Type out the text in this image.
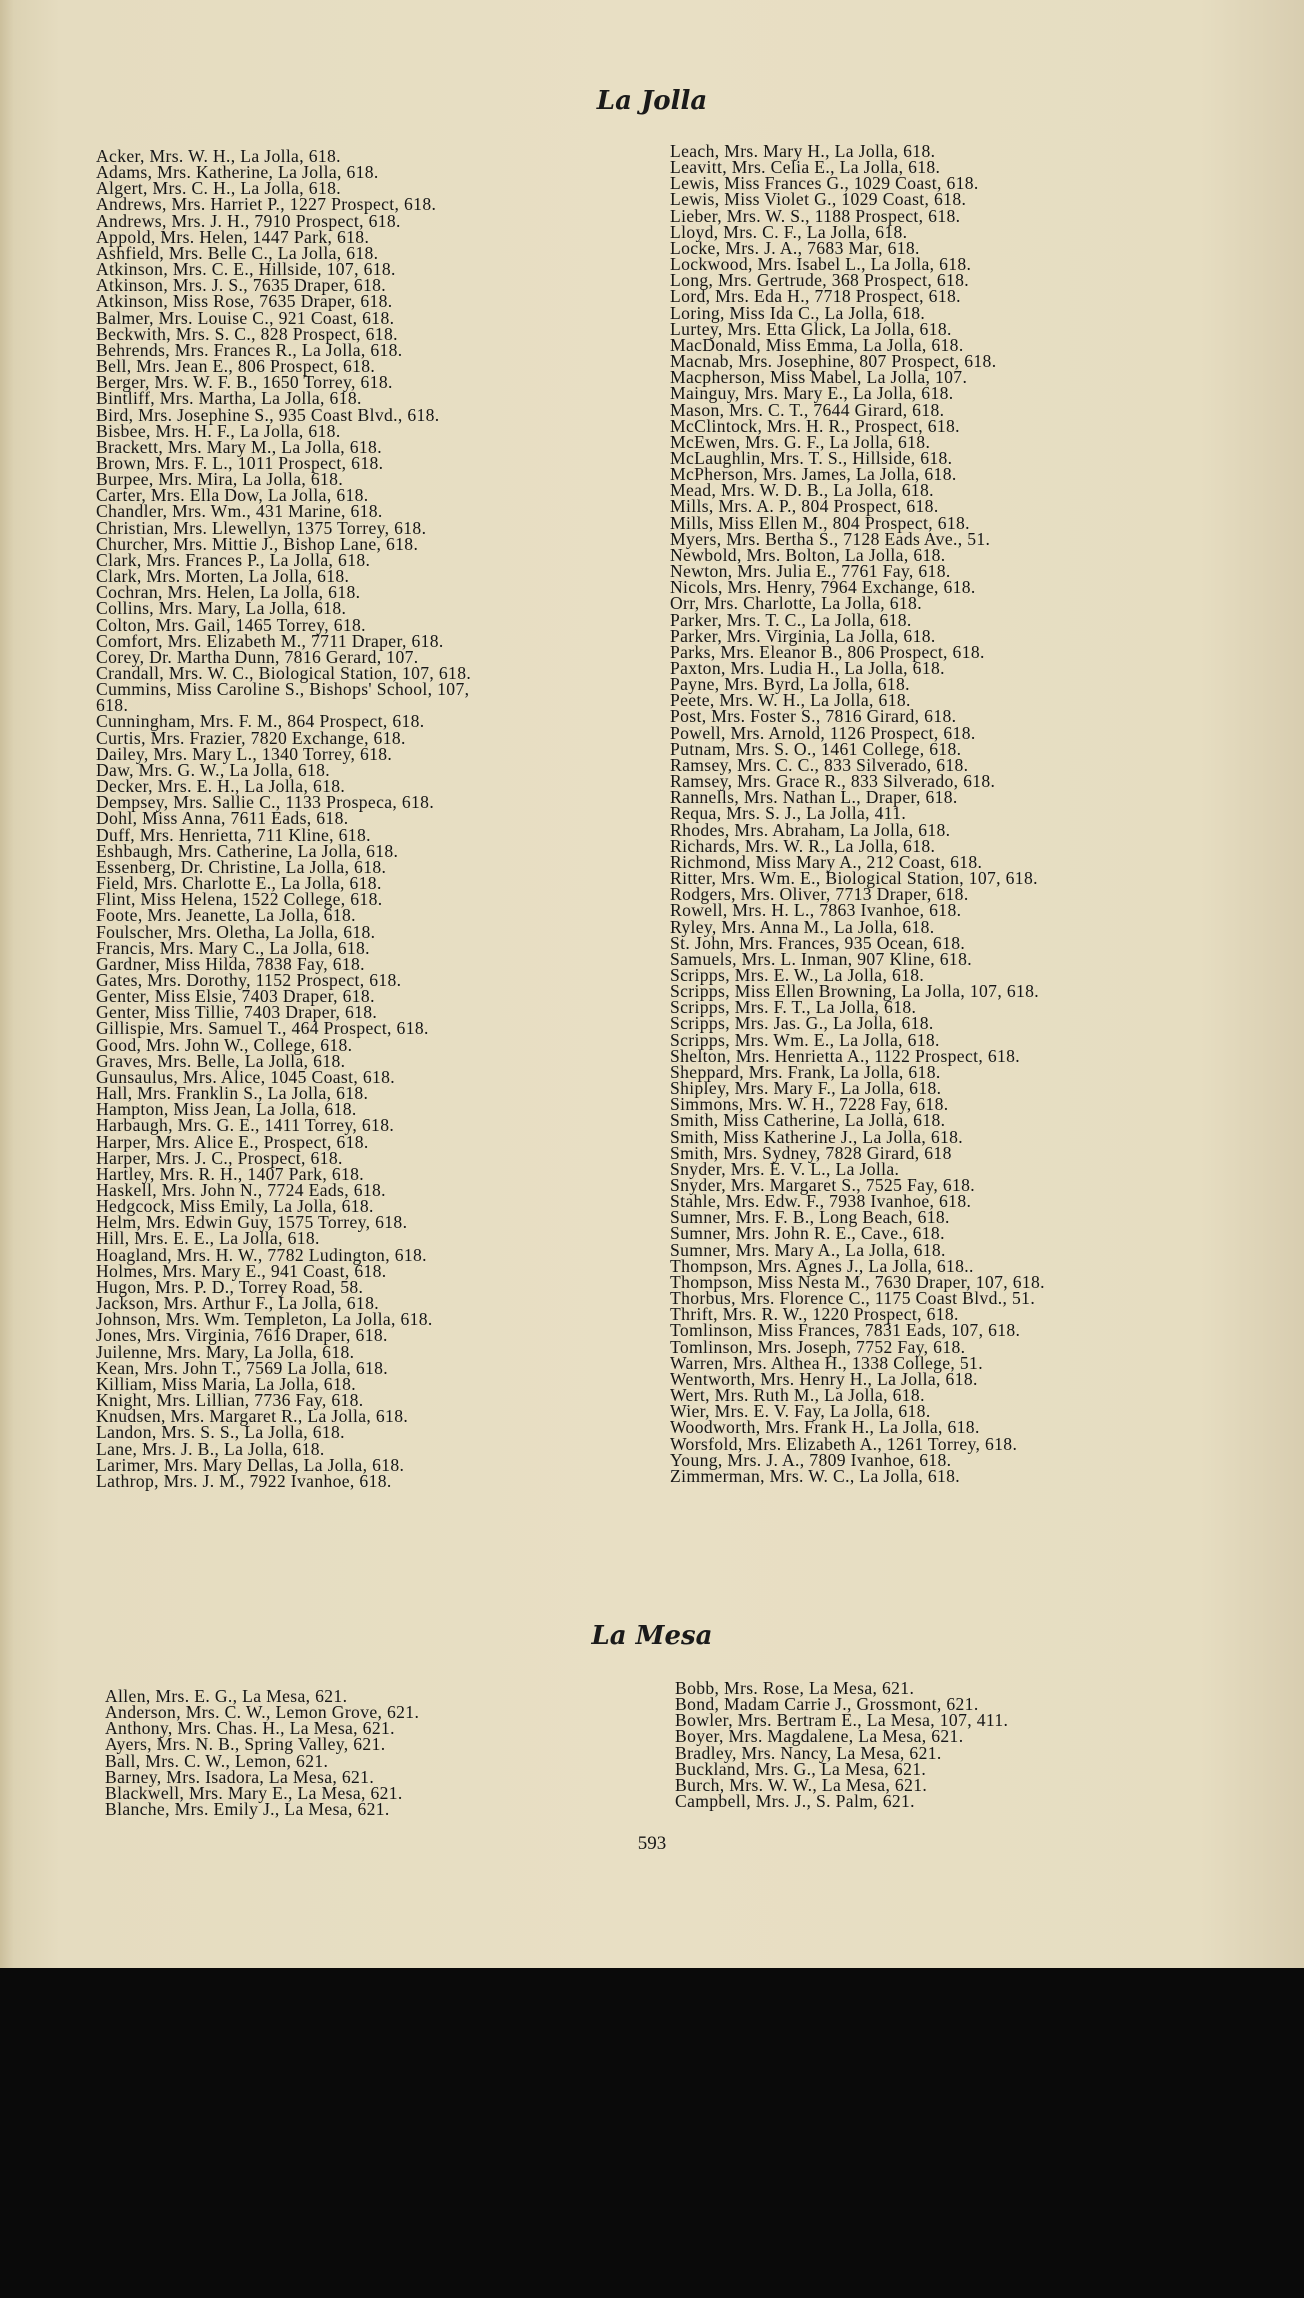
La Jolla
Acker, Mrs. W. H., La Jolla, 618.
Adams, Mrs. Katherine, La Jolla, 618.
Algert, Mrs. C. H., La Jolla, 618.
Andrews, Mrs. Harriet P., 1227 Prospect, 618.
Andrews, Mrs. J. H., 7910 Prospect, 618.
Appold, Mrs. Helen, 1447 Park, 618.
Ashfield, Mrs. Belle C., La Jolla, 618.
Atkinson, Mrs. C. E., Hillside, 107, 618.
Atkinson, Mrs. J. S., 7635 Draper, 618.
Atkinson, Miss Rose, 7635 Draper, 618.
Balmer, Mrs. Louise C., 921 Coast, 618.
Beckwith, Mrs. S. C., 828 Prospect, 618.
Behrends, Mrs. Frances R., La Jolla, 618.
Bell, Mrs. Jean E., 806 Prospect, 618.
Berger, Mrs. W. F. B., 1650 Torrey, 618.
Bintliff, Mrs. Martha, La Jolla, 618.
Bird, Mrs. Josephine S., 935 Coast Blvd., 618.
Bisbee, Mrs. H. F., La Jolla, 618.
Brackett, Mrs. Mary M., La Jolla, 618.
Brown, Mrs. F. L., 1011 Prospect, 618.
Burpee, Mrs. Mira, La Jolla, 618.
Carter, Mrs. Ella Dow, La Jolla, 618.
Chandler, Mrs. Wm., 431 Marine, 618.
Christian, Mrs. Llewellyn, 1375 Torrey, 618.
Churcher, Mrs. Mittie J., Bishop Lane, 618.
Clark, Mrs. Frances P., La Jolla, 618.
Clark, Mrs. Morten, La Jolla, 618.
Cochran, Mrs. Helen, La Jolla, 618.
Collins, Mrs. Mary, La Jolla, 618.
Colton, Mrs. Gail, 1465 Torrey, 618.
Comfort, Mrs. Elizabeth M., 7711 Draper, 618.
Corey, Dr. Martha Dunn, 7816 Gerard, 107.
Crandall, Mrs. W. C., Biological Station, 107, 618.
Cummins, Miss Caroline S., Bishops' School, 107,
618.
Cunningham, Mrs. F. M., 864 Prospect, 618.
Curtis, Mrs. Frazier, 7820 Exchange, 618.
Dailey, Mrs. Mary L., 1340 Torrey, 618.
Daw, Mrs. G. W., La Jolla, 618.
Decker, Mrs. E. H., La Jolla, 618.
Dempsey, Mrs. Sallie C., 1133 Prospeca, 618.
Dohl, Miss Anna, 7611 Eads, 618.
Duff, Mrs. Henrietta, 711 Kline, 618.
Eshbaugh, Mrs. Catherine, La Jolla, 618.
Essenberg, Dr. Christine, La Jolla, 618.
Field, Mrs. Charlotte E., La Jolla, 618.
Flint, Miss Helena, 1522 College, 618.
Foote, Mrs. Jeanette, La Jolla, 618.
Foulscher, Mrs. Oletha, La Jolla, 618.
Francis, Mrs. Mary C., La Jolla, 618.
Gardner, Miss Hilda, 7838 Fay, 618.
Gates, Mrs. Dorothy, 1152 Prospect, 618.
Genter, Miss Elsie, 7403 Draper, 618.
Genter, Miss Tillie, 7403 Draper, 618.
Gillispie, Mrs. Samuel T., 464 Prospect, 618.
Good, Mrs. John W., College, 618.
Graves, Mrs. Belle, La Jolla, 618.
Gunsaulus, Mrs. Alice, 1045 Coast, 618.
Hall, Mrs. Franklin S., La Jolla, 618.
Hampton, Miss Jean, La Jolla, 618.
Harbaugh, Mrs. G. E., 1411 Torrey, 618.
Harper, Mrs. Alice E., Prospect, 618.
Harper, Mrs. J. C., Prospect, 618.
Hartley, Mrs. R. H., 1407 Park, 618.
Haskell, Mrs. John N., 7724 Eads, 618.
Hedgcock, Miss Emily, La Jolla, 618.
Helm, Mrs. Edwin Guy, 1575 Torrey, 618.
Hill, Mrs. E. E., La Jolla, 618.
Hoagland, Mrs. H. W., 7782 Ludington, 618.
Holmes, Mrs. Mary E., 941 Coast, 618.
Hugon, Mrs. P. D., Torrey Road, 58.
Jackson, Mrs. Arthur F., La Jolla, 618.
Johnson, Mrs. Wm. Templeton, La Jolla, 618.
Jones, Mrs. Virginia, 7616 Draper, 618.
Juilenne, Mrs. Mary, La Jolla, 618.
Kean, Mrs. John T., 7569 La Jolla, 618.
Killiam, Miss Maria, La Jolla, 618.
Knight, Mrs. Lillian, 7736 Fay, 618.
Knudsen, Mrs. Margaret R., La Jolla, 618.
Landon, Mrs. S. S., La Jolla, 618.
Lane, Mrs. J. B., La Jolla, 618.
Larimer, Mrs. Mary Dellas, La Jolla, 618.
Lathrop, Mrs. J. M., 7922 Ivanhoe, 618.
Leach, Mrs. Mary H., La Jolla, 618.
Leavitt, Mrs. Celia E., La Jolla, 618.
Lewis, Miss Frances G., 1029 Coast, 618.
Lewis, Miss Violet G., 1029 Coast, 618.
Lieber, Mrs. W. S., 1188 Prospect, 618.
Lloyd, Mrs. C. F., La Jolla, 618.
Locke, Mrs. J. A., 7683 Mar, 618.
Lockwood, Mrs. Isabel L., La Jolla, 618.
Long, Mrs. Gertrude, 368 Prospect, 618.
Lord, Mrs. Eda H., 7718 Prospect, 618.
Loring, Miss Ida C., La Jolla, 618.
Lurtey, Mrs. Etta Glick, La Jolla, 618.
MacDonald, Miss Emma, La Jolla, 618.
Macnab, Mrs. Josephine, 807 Prospect, 618.
Macpherson, Miss Mabel, La Jolla, 107.
Mainguy, Mrs. Mary E., La Jolla, 618.
Mason, Mrs. C. T., 7644 Girard, 618.
McClintock, Mrs. H. R., Prospect, 618.
McEwen, Mrs. G. F., La Jolla, 618.
McLaughlin, Mrs. T. S., Hillside, 618.
McPherson, Mrs. James, La Jolla, 618.
Mead, Mrs. W. D. B., La Jolla, 618.
Mills, Mrs. A. P., 804 Prospect, 618.
Mills, Miss Ellen M., 804 Prospect, 618.
Myers, Mrs. Bertha S., 7128 Eads Ave., 51.
Newbold, Mrs. Bolton, La Jolla, 618.
Newton, Mrs. Julia E., 7761 Fay, 618.
Nicols, Mrs. Henry, 7964 Exchange, 618.
Orr, Mrs. Charlotte, La Jolla, 618.
Parker, Mrs. T. C., La Jolla, 618.
Parker, Mrs. Virginia, La Jolla, 618.
Parks, Mrs. Eleanor B., 806 Prospect, 618.
Paxton, Mrs. Ludia H., La Jolla, 618.
Payne, Mrs. Byrd, La Jolla, 618.
Peete, Mrs. W. H., La Jolla, 618.
Post, Mrs. Foster S., 7816 Girard, 618.
Powell, Mrs. Arnold, 1126 Prospect, 618.
Putnam, Mrs. S. O., 1461 College, 618.
Ramsey, Mrs. C. C., 833 Silverado, 618.
Ramsey, Mrs. Grace R., 833 Silverado, 618.
Rannells, Mrs. Nathan L., Draper, 618.
Requa, Mrs. S. J., La Jolla, 411.
Rhodes, Mrs. Abraham, La Jolla, 618.
Richards, Mrs. W. R., La Jolla, 618.
Richmond, Miss Mary A., 212 Coast, 618.
Ritter, Mrs. Wm. E., Biological Station, 107, 618.
Rodgers, Mrs. Oliver, 7713 Draper, 618.
Rowell, Mrs. H. L., 7863 Ivanhoe, 618.
Ryley, Mrs. Anna M., La Jolla, 618.
St. John, Mrs. Frances, 935 Ocean, 618.
Samuels, Mrs. L. Inman, 907 Kline, 618.
Scripps, Mrs. E. W., La Jolla, 618.
Scripps, Miss Ellen Browning, La Jolla, 107, 618.
Scripps, Mrs. F. T., La Jolla, 618.
Scripps, Mrs. Jas. G., La Jolla, 618.
Scripps, Mrs. Wm. E., La Jolla, 618.
Shelton, Mrs. Henrietta A., 1122 Prospect, 618.
Sheppard, Mrs. Frank, La Jolla, 618.
Shipley, Mrs. Mary F., La Jolla, 618.
Simmons, Mrs. W. H., 7228 Fay, 618.
Smith, Miss Catherine, La Jolla, 618.
Smith, Miss Katherine J., La Jolla, 618.
Smith, Mrs. Sydney, 7828 Girard, 618
Snyder, Mrs. E. V. L., La Jolla.
Snyder, Mrs. Margaret S., 7525 Fay, 618.
Stahle, Mrs. Edw. F., 7938 Ivanhoe, 618.
Sumner, Mrs. F. B., Long Beach, 618.
Sumner, Mrs. John R. E., Cave., 618.
Sumner, Mrs. Mary A., La Jolla, 618.
Thompson, Mrs. Agnes J., La Jolla, 618..
Thompson, Miss Nesta M., 7630 Draper, 107, 618.
Thorbus, Mrs. Florence C., 1175 Coast Blvd., 51.
Thrift, Mrs. R. W., 1220 Prospect, 618.
Tomlinson, Miss Frances, 7831 Eads, 107, 618.
Tomlinson, Mrs. Joseph, 7752 Fay, 618.
Warren, Mrs. Althea H., 1338 College, 51.
Wentworth, Mrs. Henry H., La Jolla, 618.
Wert, Mrs. Ruth M., La Jolla, 618.
Wier, Mrs. E. V. Fay, La Jolla, 618.
Woodworth, Mrs. Frank H., La Jolla, 618.
Worsfold, Mrs. Elizabeth A., 1261 Torrey, 618.
Young, Mrs. J. A., 7809 Ivanhoe, 618.
Zimmerman, Mrs. W. C., La Jolla, 618.
La Mesa
Allen, Mrs. E. G., La Mesa, 621.
Anderson, Mrs. C. W., Lemon Grove, 621.
Anthony, Mrs. Chas. H., La Mesa, 621.
Ayers, Mrs. N. B., Spring Valley, 621.
Ball, Mrs. C. W., Lemon, 621.
Barney, Mrs. Isadora, La Mesa, 621.
Blackwell, Mrs. Mary E., La Mesa, 621.
Blanche, Mrs. Emily J., La Mesa, 621.
Bobb, Mrs. Rose, La Mesa, 621.
Bond, Madam Carrie J., Grossmont, 621.
Bowler, Mrs. Bertram E., La Mesa, 107, 411.
Boyer, Mrs. Magdalene, La Mesa, 621.
Bradley, Mrs. Nancy, La Mesa, 621.
Buckland, Mrs. G., La Mesa, 621.
Burch, Mrs. W. W., La Mesa, 621.
Campbell, Mrs. J., S. Palm, 621.
593
